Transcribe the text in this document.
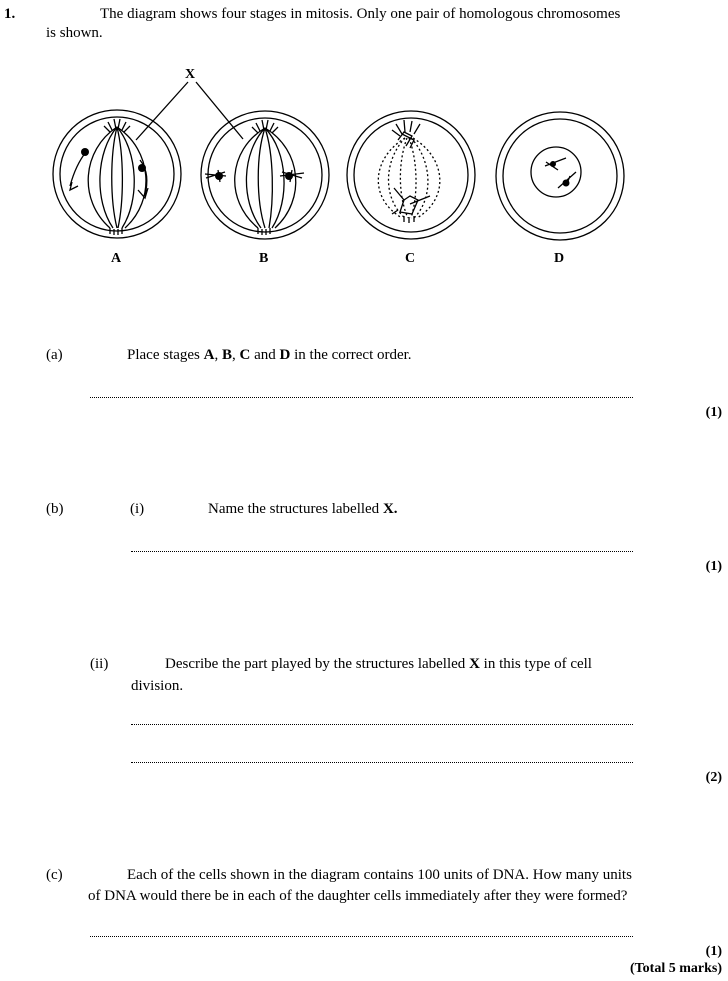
1.	The diagram shows four stages in mitosis. Only one pair of homologous chromosomes
is shown.
X
A	B	C	D
(a)	Place stages A, B, C and D in the correct order.
(1)
(b)	(i)	Name the structures labelled X.
(1)
(ii)	Describe the part played by the structures labelled X in this type of cell
division.
(2)
(c)	Each of the cells shown in the diagram contains 100 units of DNA. How many units
of DNA would there be in each of the daughter cells immediately after they were formed?
(1)
(Total 5 marks)
